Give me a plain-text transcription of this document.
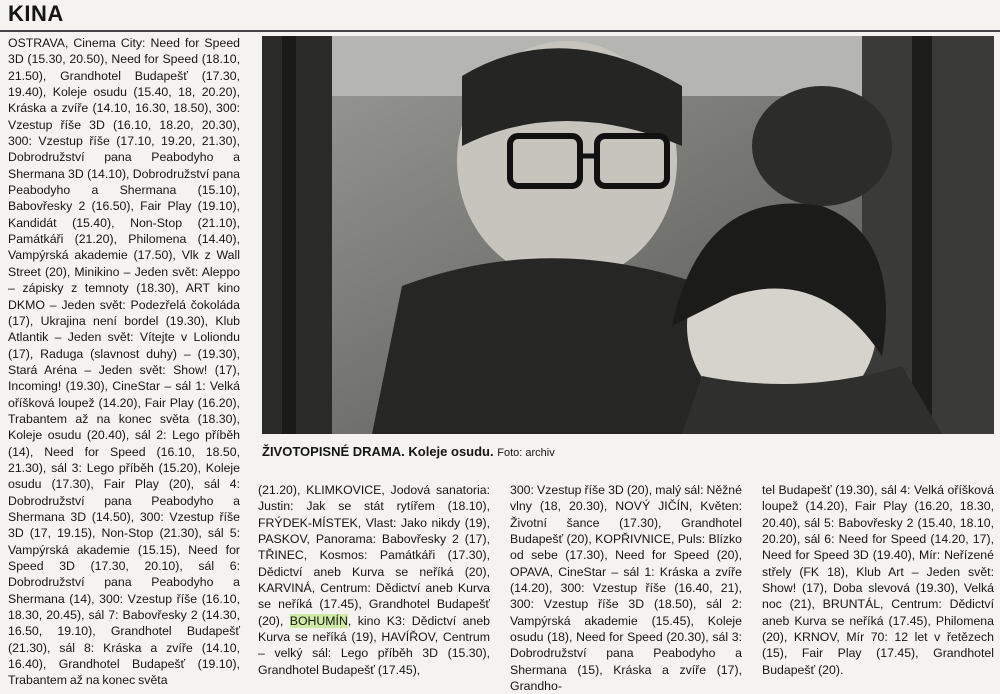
KINA
OSTRAVA, Cinema City: Need for Speed 3D (15.30, 20.50), Need for Speed (18.10, 21.50), Grandhotel Budapešť (17.30, 19.40), Koleje osudu (15.40, 18, 20.20), Kráska a zvíře (14.10, 16.30, 18.50), 300: Vzestup říše 3D (16.10, 18.20, 20.30), 300: Vzestup říše (17.10, 19.20, 21.30), Dobrodružství pana Peabodyho a Shermana 3D (14.10), Dobrodružství pana Peabodyho a Shermana (15.10), Babovřesky 2 (16.50), Fair Play (19.10), Kandidát (15.40), Non-Stop (21.10), Památkáři (21.20), Philomena (14.40), Vampýrská akademie (17.50), Vlk z Wall Street (20), Minikino – Jeden svět: Aleppo – zápisky z temnoty (18.30), ART kino DKMO – Jeden svět: Podezřelá čokoláda (17), Ukrajina není bordel (19.30), Klub Atlantik – Jeden svět: Vítejte v Loliondu (17), Raduga (slavnost duhy) – (19.30), Stará Aréna – Jeden svět: Show! (17), Incoming! (19.30), CineStar – sál 1: Velká oříšková loupež (14.20), Fair Play (16.20), Trabantem až na konec světa (18.30), Koleje osudu (20.40), sál 2: Lego příběh (14), Need for Speed (16.10, 18.50, 21.30), sál 3: Lego příběh (15.20), Koleje osudu (17.30), Fair Play (20), sál 4: Dobrodružství pana Peabodyho a Shermana 3D (14.50), 300: Vzestup říše 3D (17, 19.15), Non-Stop (21.30), sál 5: Vampýrská akademie (15.15), Need for Speed 3D (17.30, 20.10), sál 6: Dobrodružství pana Peabodyho a Shermana (14), 300: Vzestup říše (16.10, 18.30, 20.45), sál 7: Babovřesky 2 (14.30, 16.50, 19.10), Grandhotel Budapešť (21.30), sál 8: Kráska a zvíře (14.10, 16.40), Grandhotel Budapešť (19.10), Trabantem až na konec světa
ŽIVOTOPISNÉ DRAMA. Koleje osudu. Foto: archiv
(21.20), KLIMKOVICE, Jodová sanatoria: Justin: Jak se stát rytířem (18.10), FRÝDEK-MÍSTEK, Vlast: Jako nikdy (19), PASKOV, Panorama: Babovřesky 2 (17), TŘINEC, Kosmos: Památkáři (17.30), Dědictví aneb Kurva se neříká (20), KARVINÁ, Centrum: Dědictví aneb Kurva se neříká (17.45), Grandhotel Budapešť (20), BOHUMÍN, kino K3: Dědictví aneb Kurva se neříká (19), HAVÍŘOV, Centrum – velký sál: Lego příběh 3D (15.30), Grandhotel Budapešť (17.45),
300: Vzestup říše 3D (20), malý sál: Něžné vlny (18, 20.30), NOVÝ JIČÍN, Květen: Životní šance (17.30), Grandhotel Budapešť (20), KOPŘIVNICE, Puls: Blízko od sebe (17.30), Need for Speed (20), OPAVA, CineStar – sál 1: Kráska a zvíře (14.20), 300: Vzestup říše (16.40, 21), 300: Vzestup říše 3D (18.50), sál 2: Vampýrská akademie (15.45), Koleje osudu (18), Need for Speed (20.30), sál 3: Dobrodružství pana Peabodyho a Shermana (15), Kráska a zvíře (17), Grandho-
tel Budapešť (19.30), sál 4: Velká oříšková loupež (14.20), Fair Play (16.20, 18.30, 20.40), sál 5: Babovřesky 2 (15.40, 18.10, 20.20), sál 6: Need for Speed (14.20, 17), Need for Speed 3D (19.40), Mír: Neřízené střely (FK 18), Klub Art – Jeden svět: Show! (17), Doba slevová (19.30), Velká noc (21), BRUNTÁL, Centrum: Dědictví aneb Kurva se neříká (17.45), Philomena (20), KRNOV, Mír 70: 12 let v řetězech (15), Fair Play (17.45), Grandhotel Budapešť (20).
